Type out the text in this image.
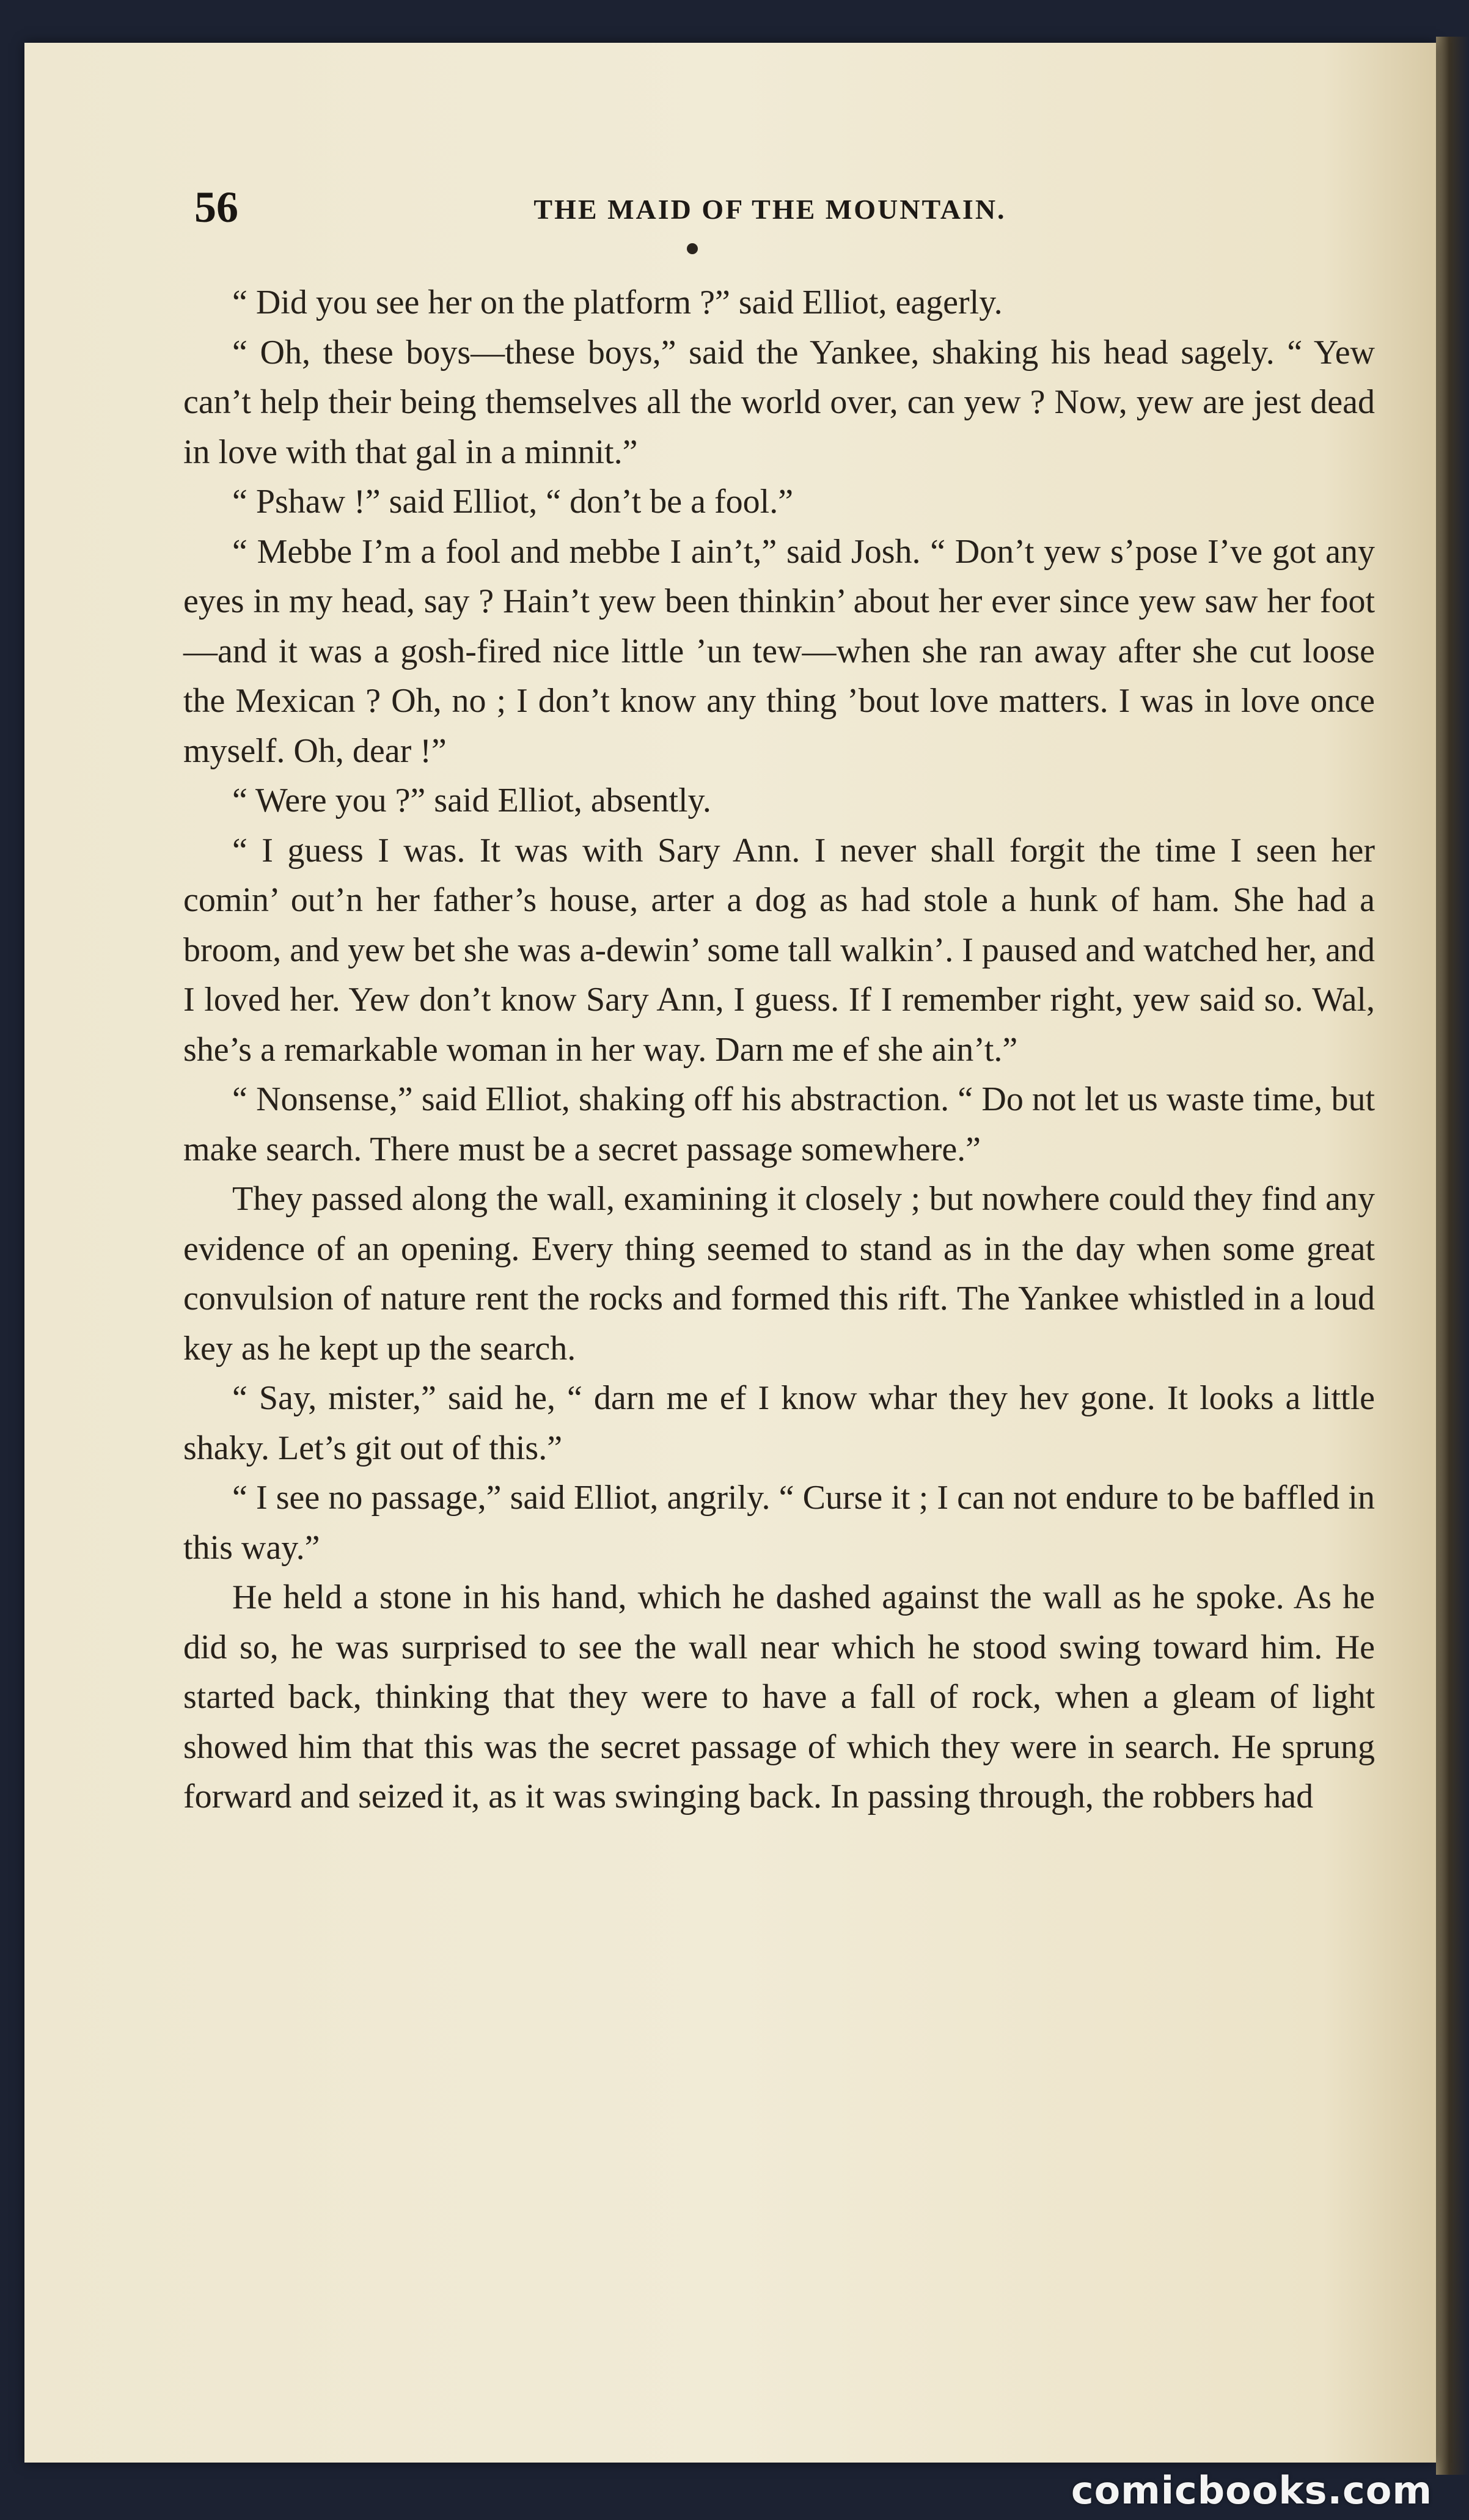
56	THE MAID OF THE MOUNTAIN.

“ Did you see her on the platform ?” said Elliot, eagerly.

“ Oh, these boys—these boys,” said the Yankee, shaking his head sagely. “ Yew can’t help their being themselves all the world over, can yew ? Now, yew are jest dead in love with that gal in a minnit.”

“ Pshaw !” said Elliot, “ don’t be a fool.”

“ Mebbe I’m a fool and mebbe I ain’t,” said Josh. “ Don’t yew s’pose I’ve got any eyes in my head, say ? Hain’t yew been thinkin’ about her ever since yew saw her foot—and it was a gosh-fired nice little ’un tew—when she ran away after she cut loose the Mexican ? Oh, no ; I don’t know any thing ’bout love matters. I was in love once myself. Oh, dear !”

“ Were you ?” said Elliot, absently.

“ I guess I was. It was with Sary Ann. I never shall forgit the time I seen her comin’ out’n her father’s house, arter a dog as had stole a hunk of ham. She had a broom, and yew bet she was a-dewin’ some tall walkin’. I paused and watched her, and I loved her. Yew don’t know Sary Ann, I guess. If I remember right, yew said so. Wal, she’s a remarkable woman in her way. Darn me ef she ain’t.”

“ Nonsense,” said Elliot, shaking off his abstraction. “ Do not let us waste time, but make search. There must be a secret passage somewhere.”

They passed along the wall, examining it closely ; but nowhere could they find any evidence of an opening. Every thing seemed to stand as in the day when some great convulsion of nature rent the rocks and formed this rift. The Yankee whistled in a loud key as he kept up the search.

“ Say, mister,” said he, “ darn me ef I know whar they hev gone. It looks a little shaky. Let’s git out of this.”

“ I see no passage,” said Elliot, angrily. “ Curse it ; I can not endure to be baffled in this way.”

He held a stone in his hand, which he dashed against the wall as he spoke. As he did so, he was surprised to see the wall near which he stood swing toward him. He started back, thinking that they were to have a fall of rock, when a gleam of light showed him that this was the secret passage of which they were in search. He sprung forward and seized it, as it was swinging back. In passing through, the robbers had

comicbooks.com
